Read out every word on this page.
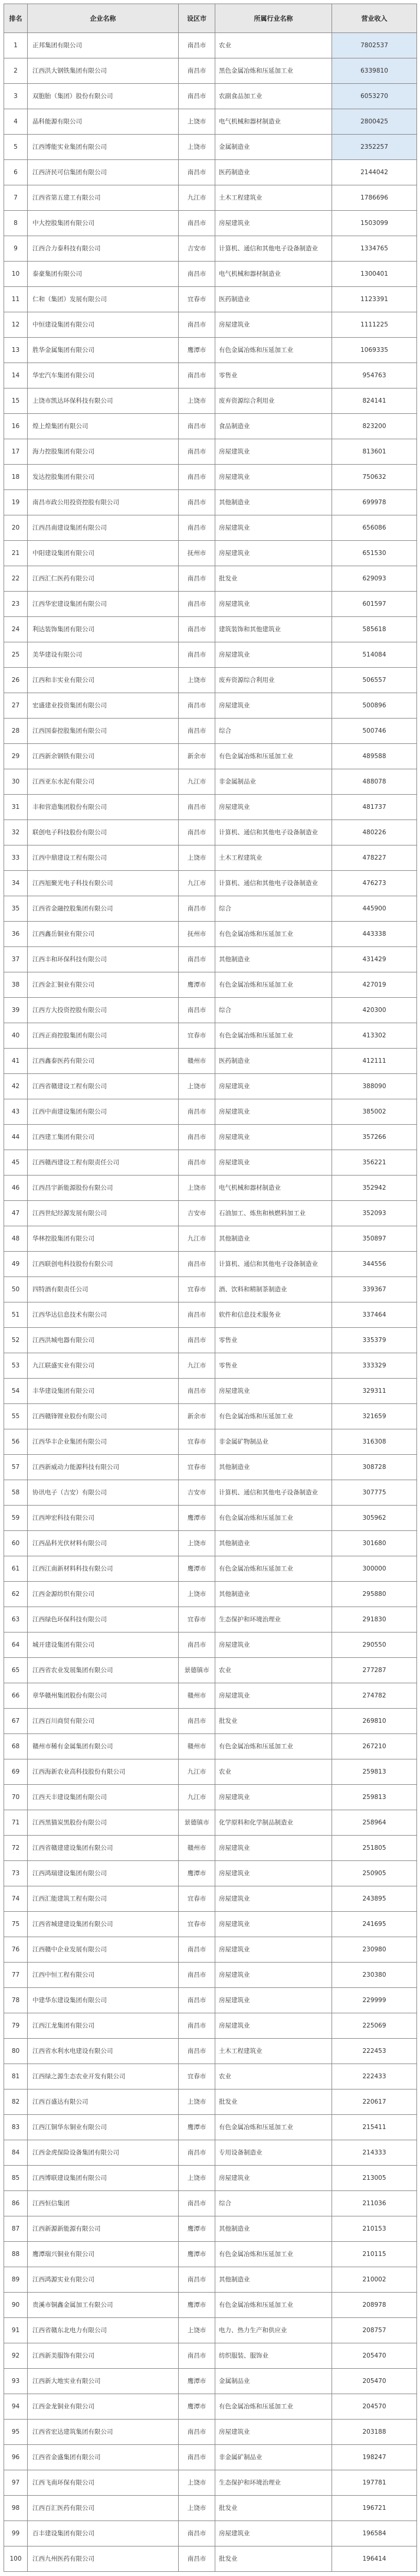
排名	企业名称	设区市	所属行业名称	营业收入
1	正邦集团有限公司	南昌市	农业	7802537
2	江西洪大钢铁集团有限公司	南昌市	黑色金属冶炼和压延加工业	6339810
3	双胞胎（集团）股份有限公司	南昌市	农副食品加工业	6053270
4	晶科能源有限公司	上饶市	电气机械和器材制造业	2800425
5	江西博能实业集团有限公司	上饶市	金属制造业	2352257
6	江西济民可信集团有限公司	南昌市	医药制造业	2144042
7	江西省第五建工有限公司	九江市	土木工程建筑业	1786696
8	中大控股集团有限公司	南昌市	房屋建筑业	1503099
9	江西合力泰科技有限公司	吉安市	计算机、通信和其他电子设备制造业	1334765
10	泰豪集团有限公司	南昌市	电气机械和器材制造业	1300401
11	仁和（集团）发展有限公司	宜春市	医药制造业	1123391
12	中恒建设集团有限公司	南昌市	房屋建筑业	1111225
13	胜华金属集团有限公司	鹰潭市	有色金属冶炼和压延加工业	1069335
14	华宏汽车集团有限公司	南昌市	零售业	954763
15	上饶市凯达环保科技有限公司	上饶市	废弃资源综合利用业	824141
16	煌上煌集团有限公司	南昌市	食品制造业	823200
17	海力控股集团有限公司	南昌市	房屋建筑业	813601
18	发达控股集团有限公司	南昌市	房屋建筑业	750632
19	南昌市政公用投资控股有限公司	南昌市	其他制造业	699978
20	江西昌南建设集团有限公司	南昌市	房屋建筑业	656086
21	中阳建设集团有限公司	抚州市	房屋建筑业	651530
22	江西汇仁医药有限公司	南昌市	批发业	629093
23	江西华宏建设集团有限公司	南昌市	房屋建筑业	601597
24	利达装饰集团有限公司	南昌市	建筑装饰和其他建筑业	585618
25	美华建设有限公司	南昌市	房屋建筑业	514084
26	江西和丰实业有限公司	上饶市	废弃资源综合利用业	506557
27	宏盛建业投资集团有限公司	南昌市	房屋建筑业	500896
28	江西国泰控股集团有限公司	南昌市	综合	500746
29	江西新余钢铁有限公司	新余市	有色金属冶炼和压延加工业	489588
30	江西亚东水泥有限公司	九江市	非金属制品业	488078
31	丰和营造集团股份有限公司	南昌市	房屋建筑业	481737
32	联创电子科技股份有限公司	南昌市	计算机、通信和其他电子设备制造业	480226
33	江西中鼎建设工程有限公司	上饶市	土木工程建筑业	478227
34	江西旭聚光电子科技有限公司	九江市	计算机、通信和其他电子设备制造业	476273
35	江西省金融控股集团有限公司	南昌市	综合	445900
36	江西鑫岳铜业有限公司	抚州市	有色金属冶炼和压延加工业	443338
37	江西丰和环保科技有限公司	南昌市	其他制造业	431429
38	江西金汇铜业有限公司	鹰潭市	有色金属冶炼和压延加工业	427019
39	江西方大投资控股有限公司	南昌市	综合	420300
40	江西正商控股集团有限公司	宜春市	有色金属冶炼和压延加工业	413302
41	江西鑫泰医药有限公司	赣州市	医药制造业	412111
42	江西省赣建设工程有限公司	上饶市	房屋建筑业	388090
43	江西中南建设集团有限公司	南昌市	房屋建筑业	385002
44	江西建工集团有限公司	南昌市	房屋建筑业	357266
45	江西赣西建设工程有限责任公司	南昌市	房屋建筑业	356221
46	江西昌宇新能源股份有限公司	上饶市	电气机械和器材制造业	352942
47	江西世纪经源发展有限公司	吉安市	石油加工、炼焦和核燃料加工业	352093
48	华林控股集团有限公司	九江市	其他制造业	350897
49	江西联创电科技股份有限公司	南昌市	计算机、通信和其他电子设备制造业	344556
50	四特酒有限责任公司	宜春市	酒、饮料和精制茶制造业	339367
51	江西华达信息技术有限公司	南昌市	软件和信息技术服务业	337464
52	江西洪城电器有限公司	南昌市	零售业	335379
53	九江联盛实业有限公司	九江市	零售业	333329
54	丰华建设集团有限公司	南昌市	房屋建筑业	329311
55	江西赣锋锂业股份有限公司	新余市	有色金属冶炼和压延加工业	321659
56	江西华丰企业集团有限公司	宜春市	非金属矿物制品业	316308
57	江西新威动力能源科技有限公司	宜春市	其他制造业	308728
58	协讯电子（吉安）有限公司	吉安市	计算机、通信和其他电子设备制造业	307775
59	江西坤宏科技有限公司	鹰潭市	有色金属冶炼和压延加工业	305962
60	江西晶科光伏材料有限公司	上饶市	其他制造业	301680
61	江西江南新材料科技有限公司	鹰潭市	有色金属冶炼和压延加工业	300000
62	江西金源纺织有限公司	上饶市	其他制造业	295880
63	江西绿色环保科技有限公司	宜春市	生态保护和环境治理业	291830
64	城开建设集团有限公司	南昌市	房屋建筑业	290550
65	江西省农业发展集团有限公司	景德镇市	农业	277287
66	章华赣州集团股份有限公司	赣州市	房屋建筑业	274782
67	江西百川商贸有限公司	南昌市	批发业	269810
68	赣州市稀有金属集团有限公司	赣州市	有色金属冶炼和压延加工业	267210
69	江西海新农业高科技股份有限公司	九江市	农业	259813
70	江西天丰建设集团有限公司	九江市	房屋建筑业	259813
71	江西黑猫炭黑股份有限公司	景德镇市	化学原料和化学制品制造业	258964
72	江西省赣建建设集团有限公司	赣州市	房屋建筑业	251805
73	江西鸿瑞建设集团有限公司	鹰潭市	房屋建筑业	250905
74	江西汇能建筑工程有限公司	宜春市	房屋建筑业	243895
75	江西省城建建设集团有限公司	宜春市	房屋建筑业	241695
76	江西赣中企业发展有限公司	南昌市	房屋建筑业	230980
77	江西中恒工程有限公司	南昌市	房屋建筑业	230380
78	中建华东建设集团有限公司	南昌市	房屋建筑业	229999
79	江西江龙集团有限公司	南昌市	房屋建筑业	225069
80	江西省水利水电建设有限公司	南昌市	土木工程建筑业	222453
81	江西绿之源生态农业开发有限公司	宜春市	农业	222433
82	江西百盛达有限公司	上饶市	批发业	220617
83	江西江铜华东铜业有限公司	鹰潭市	有色金属冶炼和压延加工业	215411
84	江西金虎保险设备集团有限公司	南昌市	专用设备制造业	214333
85	江西博联建设集团有限公司	上饶市	房屋建筑业	213005
86	江西恒信集团	南昌市	综合	211036
87	江西新源新能源有限公司	鹰潭市	其他制造业	210153
88	鹰潭瑞兴铜业有限公司	鹰潭市	有色金属冶炼和压延加工业	210115
89	江西鸿源实业有限公司	南昌市	其他制造业	210002
90	贵溪市铜鑫金属加工有限公司	鹰潭市	有色金属冶炼和压延加工业	208978
91	江西省赣东北电力有限公司	上饶市	电力、热力生产和供应业	208757
92	江西新美服饰有限公司	南昌市	纺织服装、服饰业	205470
93	江西新大地实业有限公司	鹰潭市	金属制品业	205470
94	江西金龙铜业有限公司	鹰潭市	有色金属冶炼和压延加工业	204570
95	江西省宏达建筑集团有限公司	南昌市	房屋建筑业	203188
96	江西省金盛集团有限公司	南昌市	非金属矿制品业	198247
97	江西飞南环保有限公司	上饶市	生态保护和环境治理业	197781
98	江西百汇医药有限公司	上饶市	批发业	196721
99	百丰建设集团有限公司	南昌市	房屋建筑业	196584
100	江西九州医药有限公司	南昌市	批发业	196414
